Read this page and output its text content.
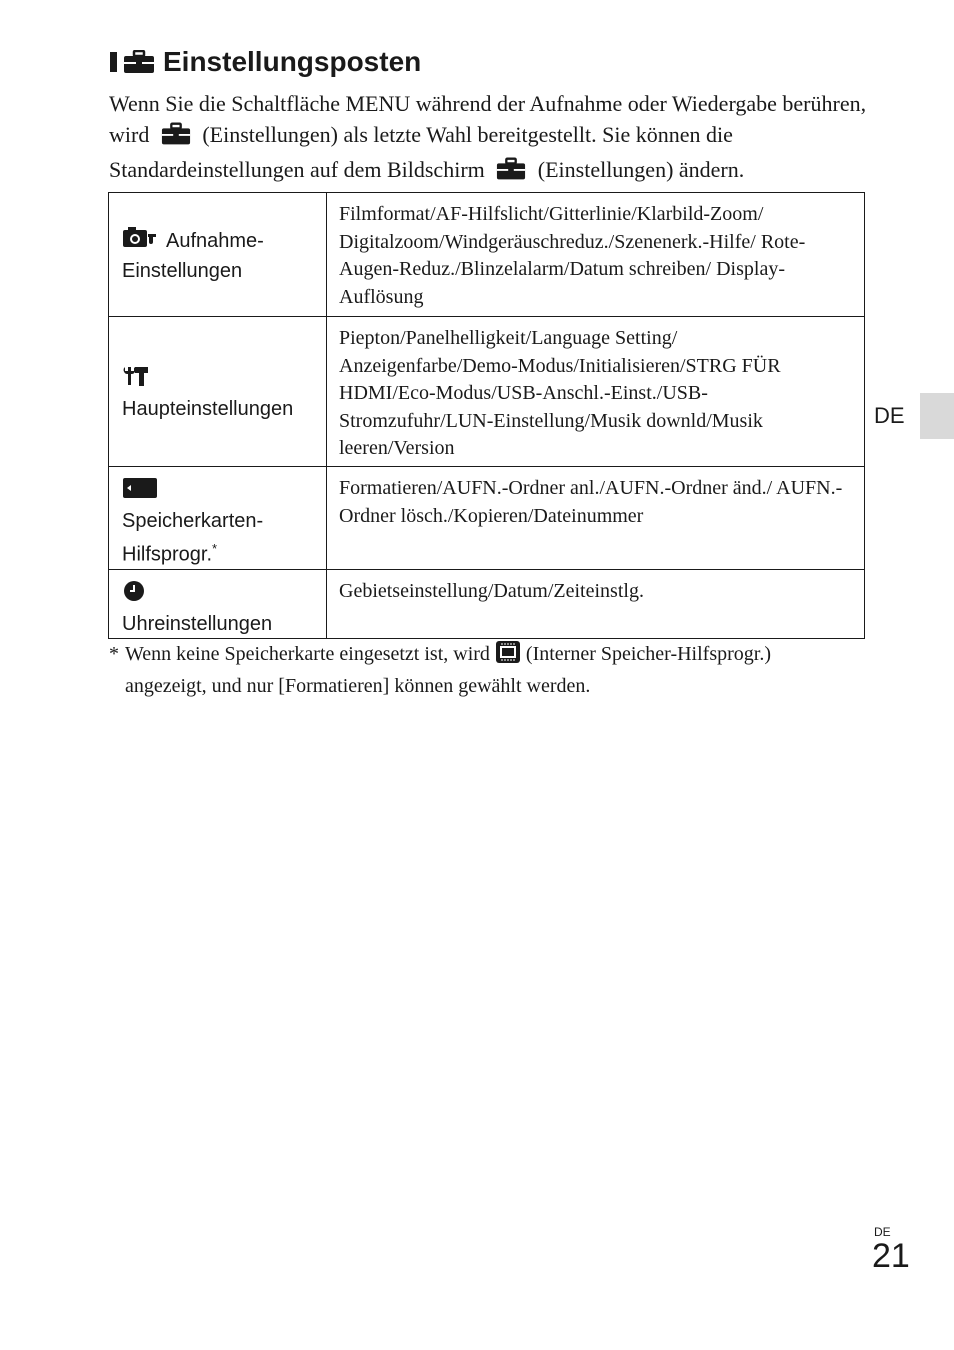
Einstellungsposten

Wenn Sie die Schaltfläche MENU während der Aufnahme oder Wiedergabe berühren, wird (Einstellungen) als letzte Wahl bereitgestellt. Sie können die Standardeinstellungen auf dem Bildschirm (Einstellungen) ändern.

Aufnahme-
Einstellungen	Filmformat/AF-Hilfslicht/Gitterlinie/Klarbild-Zoom/ Digitalzoom/Windgeräuschreduz./Szenenerk.-Hilfe/ Rote-Augen-Reduz./Blinzelalarm/Datum schreiben/ Display-Auflösung

Haupteinstellungen	Piepton/Panelhelligkeit/Language Setting/ Anzeigenfarbe/Demo-Modus/Initialisieren/STRG FÜR HDMI/Eco-Modus/USB-Anschl.-Einst./USB-Stromzufuhr/LUN-Einstellung/Musik downld/Musik leeren/Version

Speicherkarten-
Hilfsprogr.*	Formatieren/AUFN.-Ordner anl./AUFN.-Ordner änd./ AUFN.-Ordner lösch./Kopieren/Dateinummer

Uhreinstellungen	Gebietseinstellung/Datum/Zeiteinstlg.

* Wenn keine Speicherkarte eingesetzt ist, wird (Interner Speicher-Hilfsprogr.)
angezeigt, und nur [Formatieren] können gewählt werden.

DE
DE
21
